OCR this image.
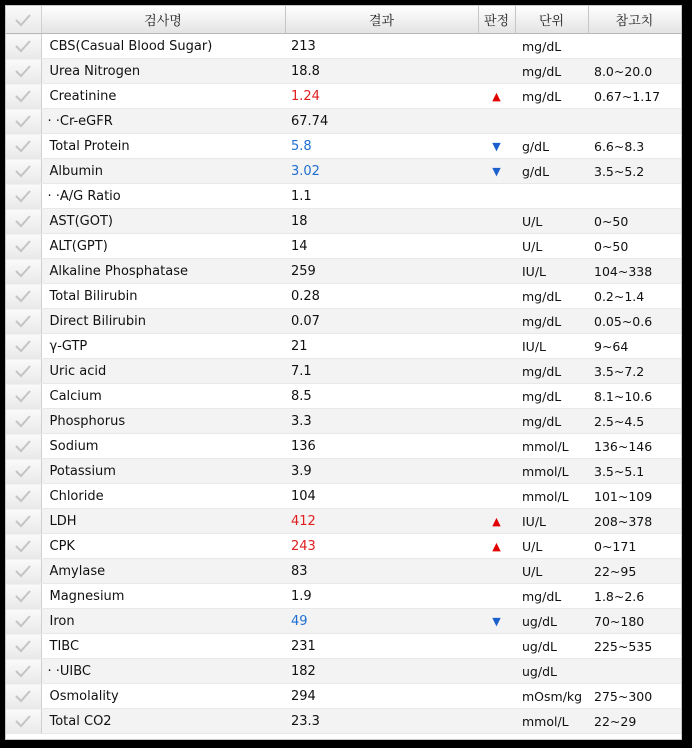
	검사명	결과	판정	단위	참고치

	CBS(Casual Blood Sugar)	213		mg/dL	

	Urea Nitrogen	18.8		mg/dL	8.0~20.0

	Creatinine	1.24	▲	mg/dL	0.67~1.17

	· ·Cr-eGFR	67.74			

	Total Protein	5.8	▼	g/dL	6.6~8.3

	Albumin	3.02	▼	g/dL	3.5~5.2

	· ·A/G Ratio	1.1			

	AST(GOT)	18		U/L	0~50

	ALT(GPT)	14		U/L	0~50

	Alkaline Phosphatase	259		IU/L	104~338

	Total Bilirubin	0.28		mg/dL	0.2~1.4

	Direct Bilirubin	0.07		mg/dL	0.05~0.6

	γ-GTP	21		IU/L	9~64

	Uric acid	7.1		mg/dL	3.5~7.2

	Calcium	8.5		mg/dL	8.1~10.6

	Phosphorus	3.3		mg/dL	2.5~4.5

	Sodium	136		mmol/L	136~146

	Potassium	3.9		mmol/L	3.5~5.1

	Chloride	104		mmol/L	101~109

	LDH	412	▲	IU/L	208~378

	CPK	243	▲	U/L	0~171

	Amylase	83		U/L	22~95

	Magnesium	1.9		mg/dL	1.8~2.6

	Iron	49	▼	ug/dL	70~180

	TIBC	231		ug/dL	225~535

	· ·UIBC	182		ug/dL	

	Osmolality	294		mOsm/kg	275~300

	Total CO2	23.3		mmol/L	22~29
